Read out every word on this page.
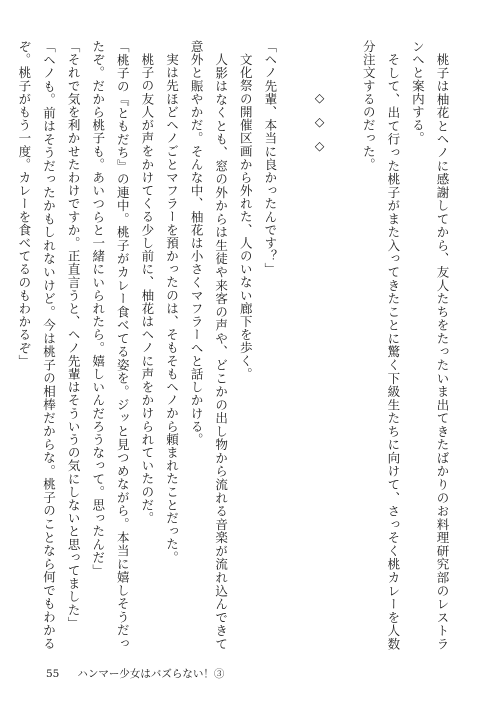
桃子は柚花とヘノに感謝してから、友人たちをたったいま出てきたばかりのお料理研究部のレストランへと案内する。

そして、出て行った桃子がまた入ってきたことに驚く下級生たちに向けて、さっそく桃カレーを人数分注文するのだった。

◇◇◇

「ヘノ先輩、本当に良かったんです？」

文化祭の開催区画から外れた、人のいない廊下を歩く。

人影はなくとも、窓の外からは生徒や来客の声や、どこかの出し物から流れる音楽が流れ込んできて意外と賑やかだ。そんな中、柚花は小さくマフラーへと話しかける。

実は先ほどヘノごとマフラーを預かったのは、そもそもヘノから頼まれたことだった。

桃子の友人が声をかけてくる少し前に、柚花はヘノに声をかけられていたのだ。

「桃子の『ともだち』の連中。桃子がカレー食べてる姿を。ジッと見つめながら。本当に嬉しそうだったぞ。だから桃子も。あいつらと一緒にいられたら。嬉しいんだろうなって。思ったんだ」

「それで気を利かせたわけですか。正直言うと、ヘノ先輩はそういうの気にしないと思ってました」

「ヘノも。前はそうだったかもしれないけど。今は桃子の相棒だからな。桃子のことなら何でもわかるぞ。桃子がもう一度。カレーを食べてるのもわかるぞ」

55 ハンマー少女はバズらない！③
